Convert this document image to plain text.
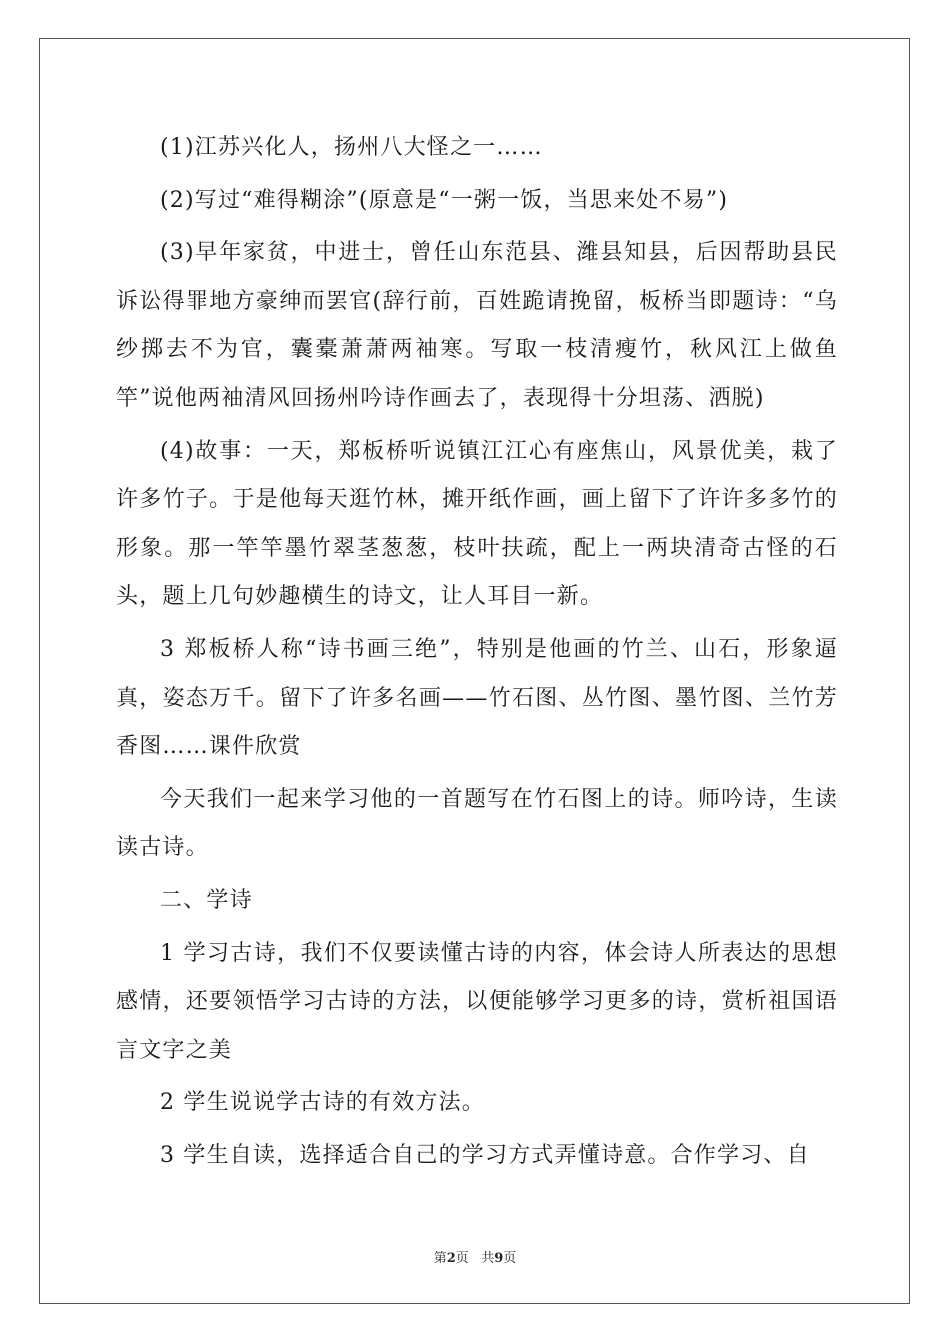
(1)江苏兴化人，扬州八大怪之一……

(2)写过“难得糊涂”(原意是“一粥一饭，当思来处不易”)

(3)早年家贫，中进士，曾任山东范县、潍县知县，后因帮助县民诉讼得罪地方豪绅而罢官(辞行前，百姓跪请挽留，板桥当即题诗：“乌纱掷去不为官，囊橐萧萧两袖寒。写取一枝清瘦竹，秋风江上做鱼竿”说他两袖清风回扬州吟诗作画去了，表现得十分坦荡、洒脱)

(4)故事：一天，郑板桥听说镇江江心有座焦山，风景优美，栽了许多竹子。于是他每天逛竹林，摊开纸作画，画上留下了许许多多竹的形象。那一竿竿墨竹翠茎葱葱，枝叶扶疏，配上一两块清奇古怪的石头，题上几句妙趣横生的诗文，让人耳目一新。

3 郑板桥人称“诗书画三绝”，特别是他画的竹兰、山石，形象逼真，姿态万千。留下了许多名画——竹石图、丛竹图、墨竹图、兰竹芳香图……课件欣赏

今天我们一起来学习他的一首题写在竹石图上的诗。师吟诗，生读读古诗。

二、学诗

1 学习古诗，我们不仅要读懂古诗的内容，体会诗人所表达的思想感情，还要领悟学习古诗的方法，以便能够学习更多的诗，赏析祖国语言文字之美

2 学生说说学古诗的有效方法。

3 学生自读，选择适合自己的学习方式弄懂诗意。合作学习、自

第2页   共9页
